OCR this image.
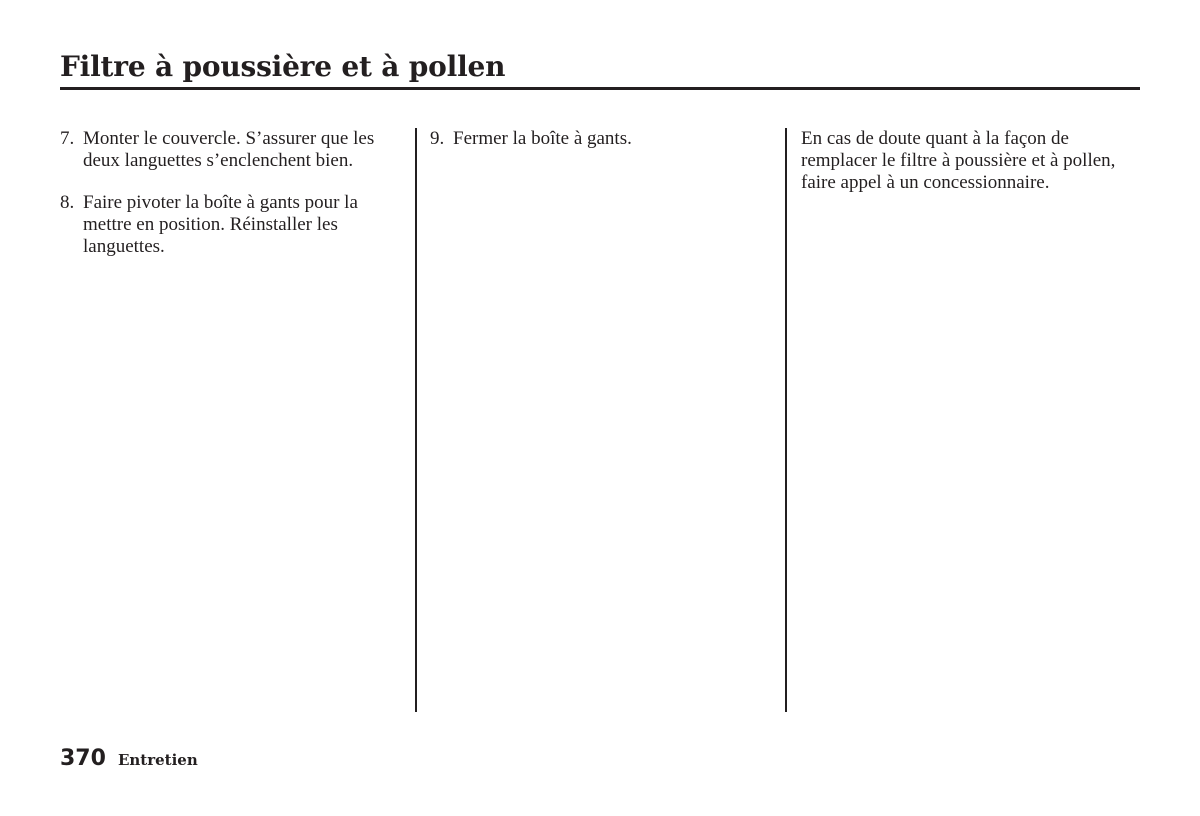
Filtre à poussière et à pollen
7. Monter le couvercle. S’assurer que les deux languettes s’enclenchent bien.
8. Faire pivoter la boîte à gants pour la mettre en position. Réinstaller les languettes.
9. Fermer la boîte à gants.	En cas de doute quant à la façon de remplacer le filtre à poussière et à pollen, faire appel à un concessionnaire.

370 Entretien
